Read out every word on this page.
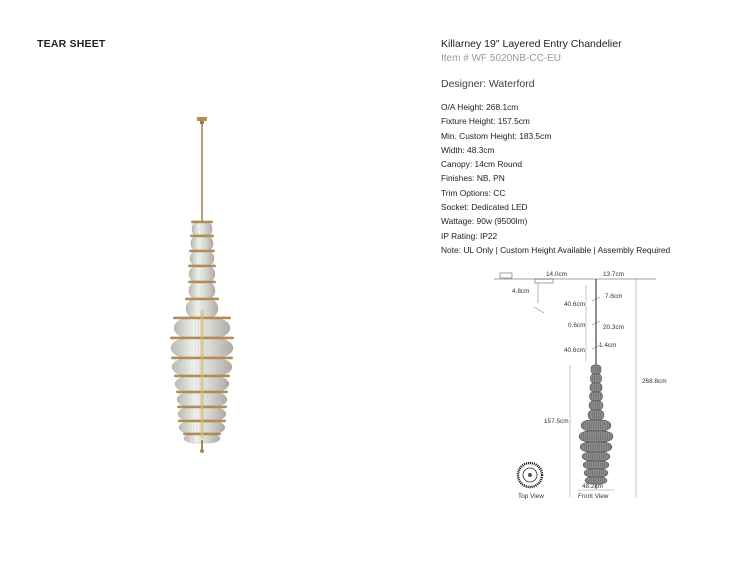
TEAR SHEET	Killarney 19" Layered Entry Chandelier
Item # WF 5020NB-CC-EU
Designer: Waterford
O/A Height: 268.1cm
Fixture Height: 157.5cm
Min. Custom Height: 183.5cm
Width: 48.3cm
Canopy: 14cm Round
Finishes: NB, PN
Trim Options: CC
Socket: Dedicated LED
Wattage: 90w (9500lm)
IP Rating: IP22
Note: UL Only | Custom Height Available | Assembly Required
14.0cm	13.7cm
4.8cm
40.6cm
7.6cm
0.6cm	20.3cm
40.6cm
1.4cm
268.8cm
157.5cm
48.2cm
Top View	Front View
